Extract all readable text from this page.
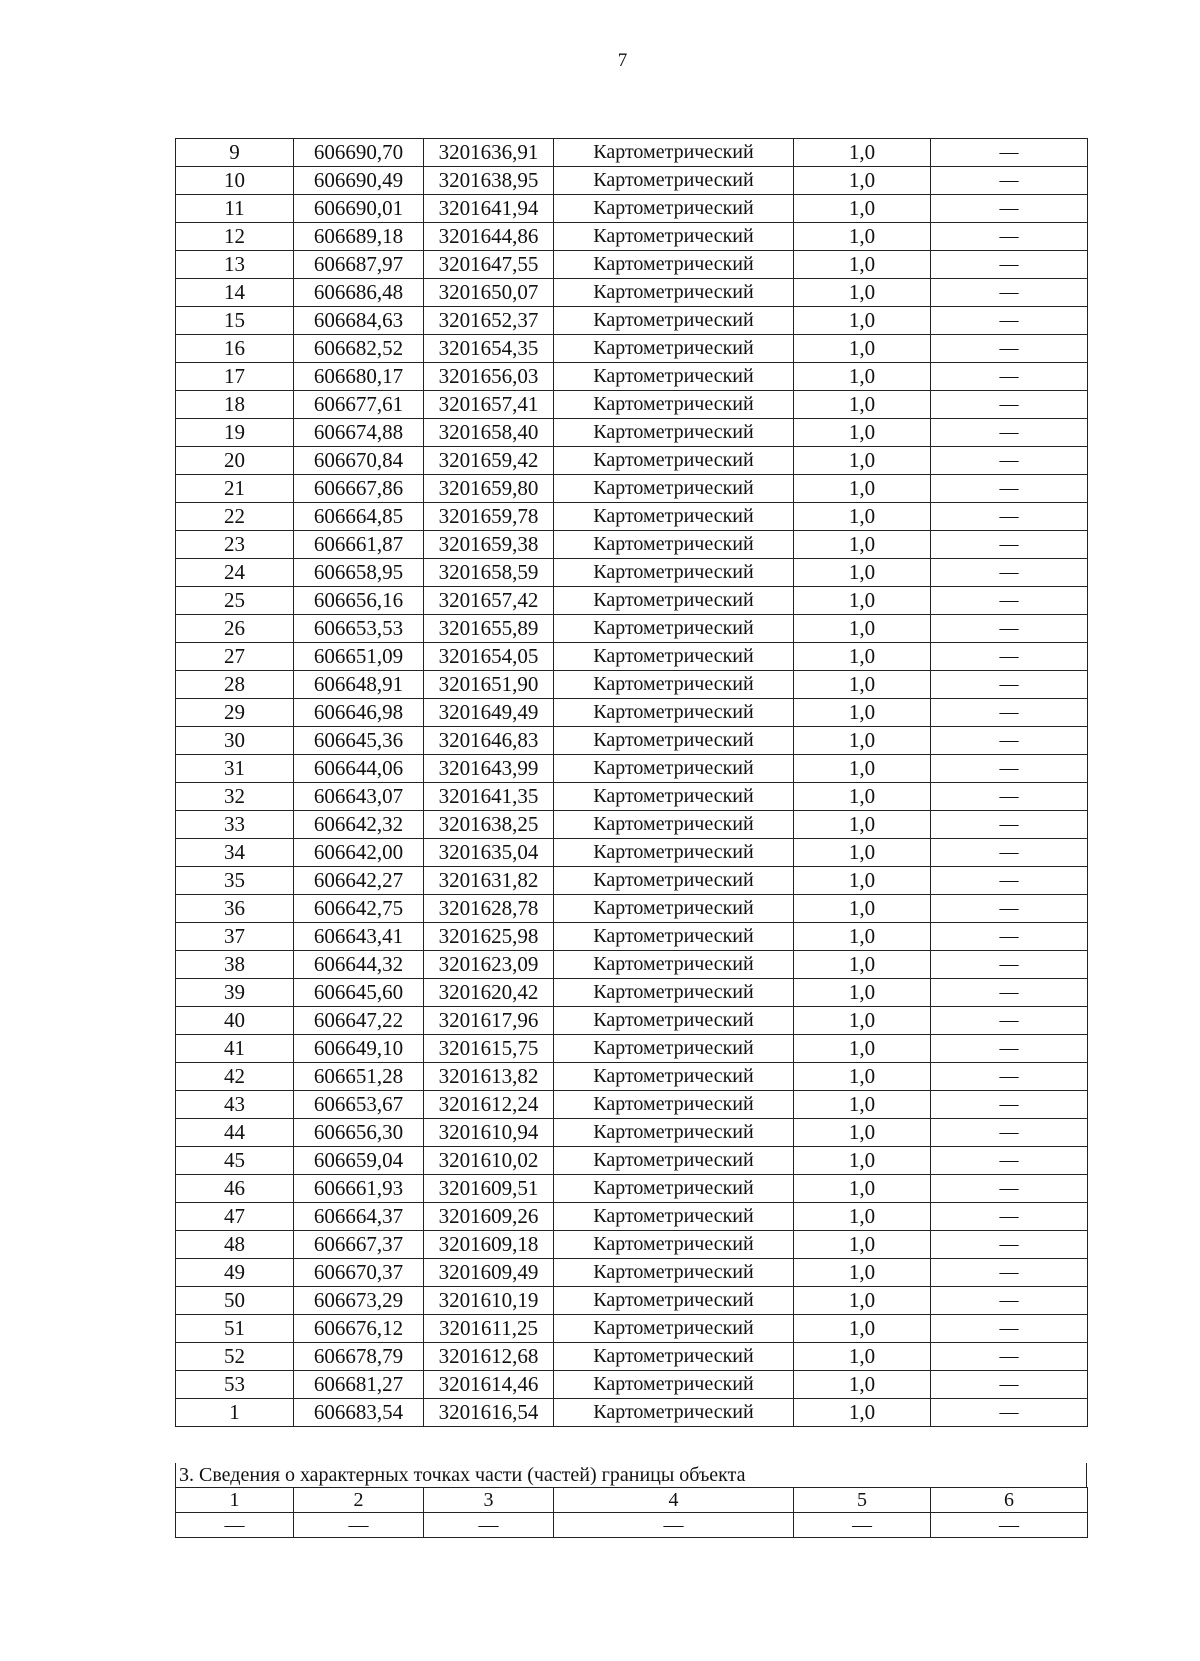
7
9	606690,70	3201636,91	Картометрический	1,0	—
10	606690,49	3201638,95	Картометрический	1,0	—
11	606690,01	3201641,94	Картометрический	1,0	—
12	606689,18	3201644,86	Картометрический	1,0	—
13	606687,97	3201647,55	Картометрический	1,0	—
14	606686,48	3201650,07	Картометрический	1,0	—
15	606684,63	3201652,37	Картометрический	1,0	—
16	606682,52	3201654,35	Картометрический	1,0	—
17	606680,17	3201656,03	Картометрический	1,0	—
18	606677,61	3201657,41	Картометрический	1,0	—
19	606674,88	3201658,40	Картометрический	1,0	—
20	606670,84	3201659,42	Картометрический	1,0	—
21	606667,86	3201659,80	Картометрический	1,0	—
22	606664,85	3201659,78	Картометрический	1,0	—
23	606661,87	3201659,38	Картометрический	1,0	—
24	606658,95	3201658,59	Картометрический	1,0	—
25	606656,16	3201657,42	Картометрический	1,0	—
26	606653,53	3201655,89	Картометрический	1,0	—
27	606651,09	3201654,05	Картометрический	1,0	—
28	606648,91	3201651,90	Картометрический	1,0	—
29	606646,98	3201649,49	Картометрический	1,0	—
30	606645,36	3201646,83	Картометрический	1,0	—
31	606644,06	3201643,99	Картометрический	1,0	—
32	606643,07	3201641,35	Картометрический	1,0	—
33	606642,32	3201638,25	Картометрический	1,0	—
34	606642,00	3201635,04	Картометрический	1,0	—
35	606642,27	3201631,82	Картометрический	1,0	—
36	606642,75	3201628,78	Картометрический	1,0	—
37	606643,41	3201625,98	Картометрический	1,0	—
38	606644,32	3201623,09	Картометрический	1,0	—
39	606645,60	3201620,42	Картометрический	1,0	—
40	606647,22	3201617,96	Картометрический	1,0	—
41	606649,10	3201615,75	Картометрический	1,0	—
42	606651,28	3201613,82	Картометрический	1,0	—
43	606653,67	3201612,24	Картометрический	1,0	—
44	606656,30	3201610,94	Картометрический	1,0	—
45	606659,04	3201610,02	Картометрический	1,0	—
46	606661,93	3201609,51	Картометрический	1,0	—
47	606664,37	3201609,26	Картометрический	1,0	—
48	606667,37	3201609,18	Картометрический	1,0	—
49	606670,37	3201609,49	Картометрический	1,0	—
50	606673,29	3201610,19	Картометрический	1,0	—
51	606676,12	3201611,25	Картометрический	1,0	—
52	606678,79	3201612,68	Картометрический	1,0	—
53	606681,27	3201614,46	Картометрический	1,0	—
1	606683,54	3201616,54	Картометрический	1,0	—
3. Сведения о характерных точках части (частей) границы объекта
1	2	3	4	5	6
—	—	—	—	—	—
